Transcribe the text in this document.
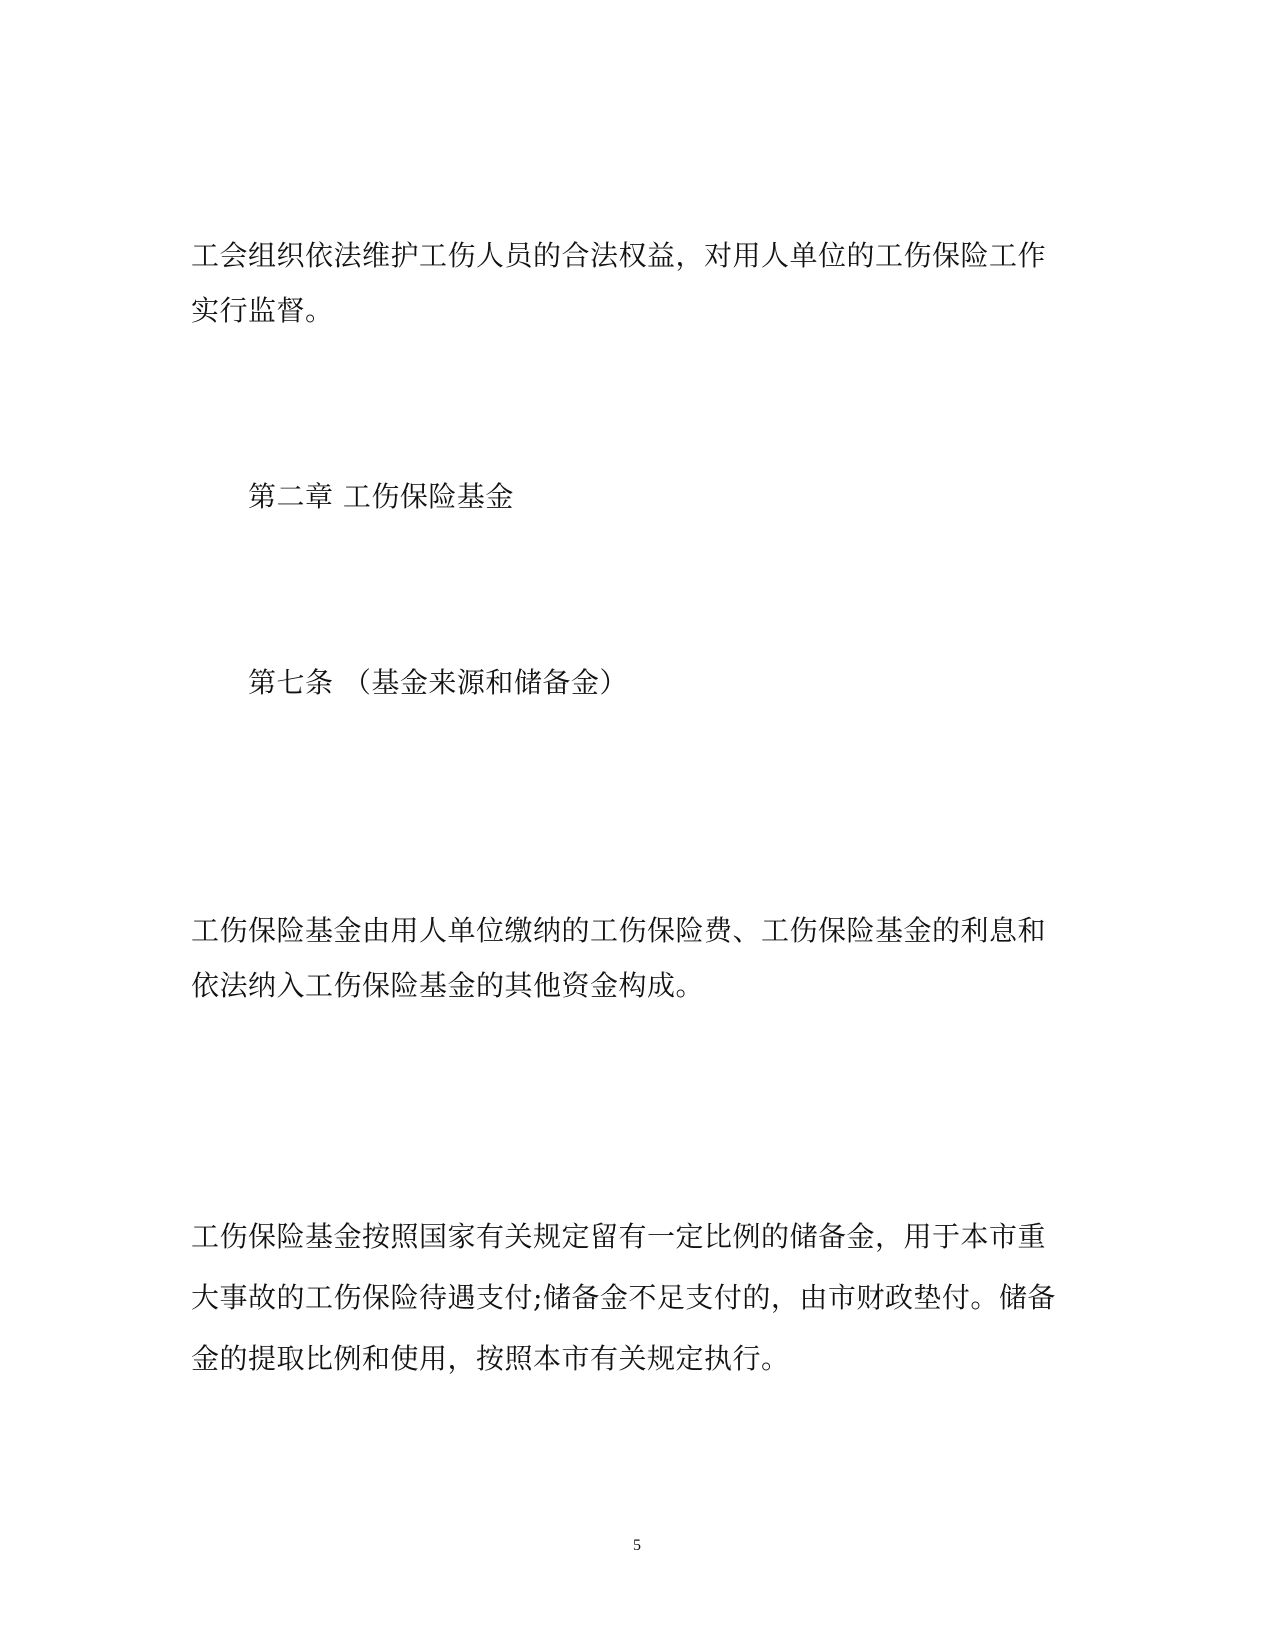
工会组织依法维护工伤人员的合法权益，对用人单位的工伤保险工作
实行监督。
第二章 工伤保险基金
第七条 （基金来源和储备金）
工伤保险基金由用人单位缴纳的工伤保险费、工伤保险基金的利息和
依法纳入工伤保险基金的其他资金构成。
工伤保险基金按照国家有关规定留有一定比例的储备金，用于本市重
大事故的工伤保险待遇支付;储备金不足支付的，由市财政垫付。储备
金的提取比例和使用，按照本市有关规定执行。
5
